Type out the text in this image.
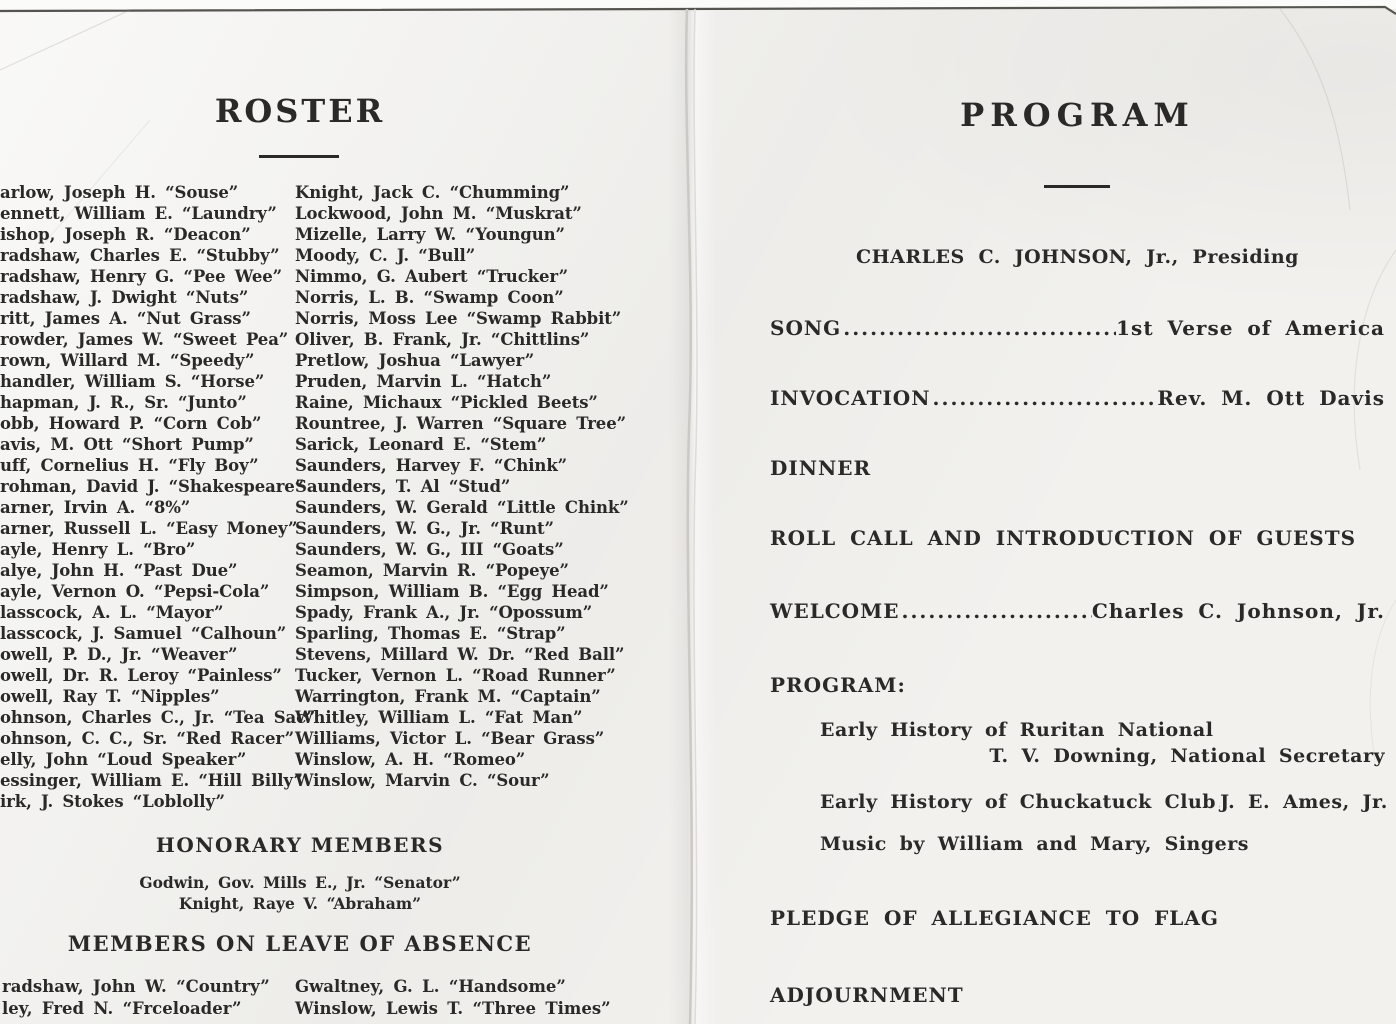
ROSTER
arlow, Joseph H. “Souse”
ennett, William E. “Laundry”
ishop, Joseph R. “Deacon”
radshaw, Charles E. “Stubby”
radshaw, Henry G. “Pee Wee”
radshaw, J. Dwight “Nuts”
ritt, James A. “Nut Grass”
rowder, James W. “Sweet Pea”
rown, Willard M. “Speedy”
handler, William S. “Horse”
hapman, J. R., Sr. “Junto”
obb, Howard P. “Corn Cob”
avis, M. Ott “Short Pump”
uff, Cornelius H. “Fly Boy”
rohman, David J. “Shakespeare”
arner, Irvin A. “8%”
arner, Russell L. “Easy Money”
ayle, Henry L. “Bro”
alye, John H. “Past Due”
ayle, Vernon O. “Pepsi-Cola”
lasscock, A. L. “Mayor”
lasscock, J. Samuel “Calhoun”
owell, P. D., Jr. “Weaver”
owell, Dr. R. Leroy “Painless”
owell, Ray T. “Nipples”
ohnson, Charles C., Jr. “Tea Sac”
ohnson, C. C., Sr. “Red Racer”
elly, John “Loud Speaker”
essinger, William E. “Hill Billy”
irk, J. Stokes “Loblolly”
Knight, Jack C. “Chumming”
Lockwood, John M. “Muskrat”
Mizelle, Larry W. “Youngun”
Moody, C. J. “Bull”
Nimmo, G. Aubert “Trucker”
Norris, L. B. “Swamp Coon”
Norris, Moss Lee “Swamp Rabbit”
Oliver, B. Frank, Jr. “Chittlins”
Pretlow, Joshua “Lawyer”
Pruden, Marvin L. “Hatch”
Raine, Michaux “Pickled Beets”
Rountree, J. Warren “Square Tree”
Sarick, Leonard E. “Stem”
Saunders, Harvey F. “Chink”
Saunders, T. Al “Stud”
Saunders, W. Gerald “Little Chink”
Saunders, W. G., Jr. “Runt”
Saunders, W. G., III “Goats”
Seamon, Marvin R. “Popeye”
Simpson, William B. “Egg Head”
Spady, Frank A., Jr. “Opossum”
Sparling, Thomas E. “Strap”
Stevens, Millard W. Dr. “Red Ball”
Tucker, Vernon L. “Road Runner”
Warrington, Frank M. “Captain”
Whitley, William L. “Fat Man”
Williams, Victor L. “Bear Grass”
Winslow, A. H. “Romeo”
Winslow, Marvin C. “Sour”
HONORARY MEMBERS
Godwin, Gov. Mills E., Jr. “Senator”
Knight, Raye V. “Abraham”
MEMBERS ON LEAVE OF ABSENCE
radshaw, John W. “Country”
ley, Fred N. “Frceloader”
Gwaltney, G. L. “Handsome”
Winslow, Lewis T. “Three Times”
PROGRAM
CHARLES C. JOHNSON, Jr., Presiding
SONG .....	1st Verse of America
INVOCATION .....	Rev. M. Ott Davis
DINNER
ROLL CALL AND INTRODUCTION OF GUESTS
WELCOME .....	Charles C. Johnson, Jr.
PROGRAM:
Early History of Ruritan National
T. V. Downing, National Secretary
Early History of Chuckatuck Club ..... J. E. Ames, Jr.
Music by William and Mary, Singers
PLEDGE OF ALLEGIANCE TO FLAG
ADJOURNMENT
